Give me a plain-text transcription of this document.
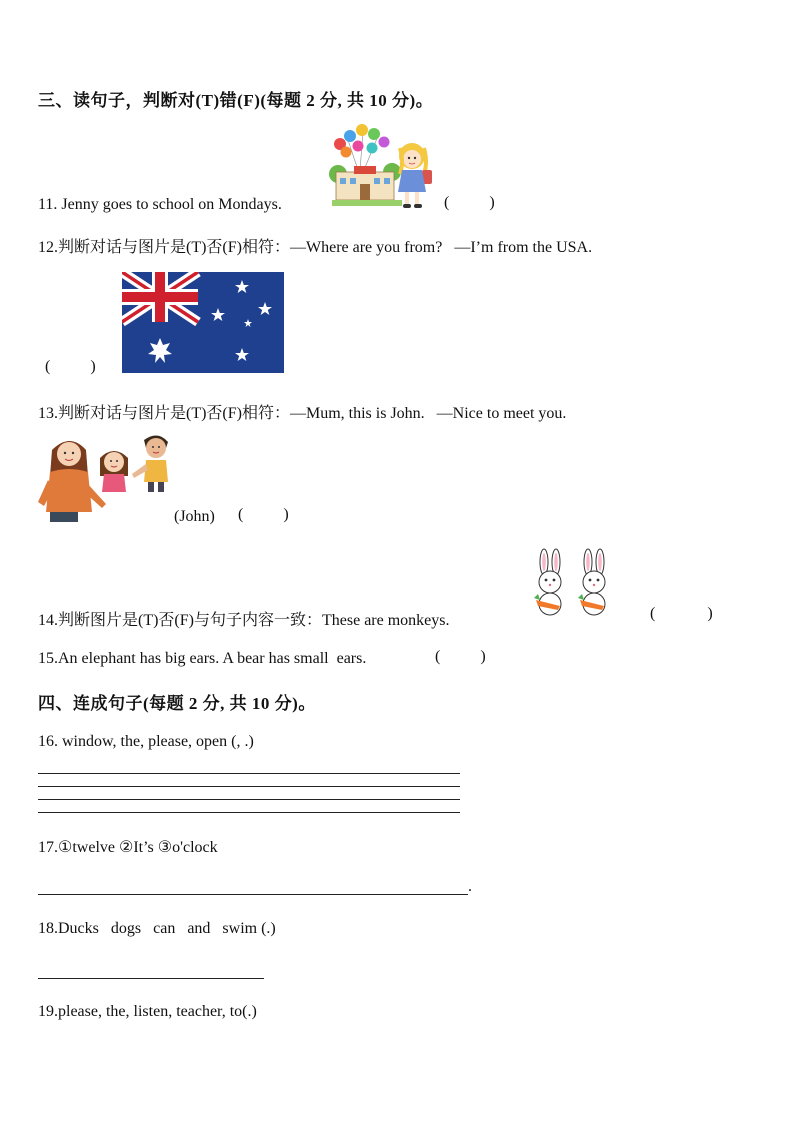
三、读句子，判断对(T)错(F)(每题 2 分, 共 10 分)。
11. Jenny goes to school on Mondays.	(          )
12.判断对话与图片是(T)否(F)相符：—Where are you from?   —I’m from the USA.
(          )
13.判断对话与图片是(T)否(F)相符：—Mum, this is John.   —Nice to meet you.
(John) (          )
14.判断图片是(T)否(F)与句子内容一致：These are monkeys.	(             )
15.An elephant has big ears. A bear has small  ears.	(          )
四、连成句子(每题 2 分, 共 10 分)。
16. window, the, please, open (, .)
17.①twelve ②It’s ③o'clock
.
18.Ducks   dogs   can   and   swim (.)
19.please, the, listen, teacher, to(.)
